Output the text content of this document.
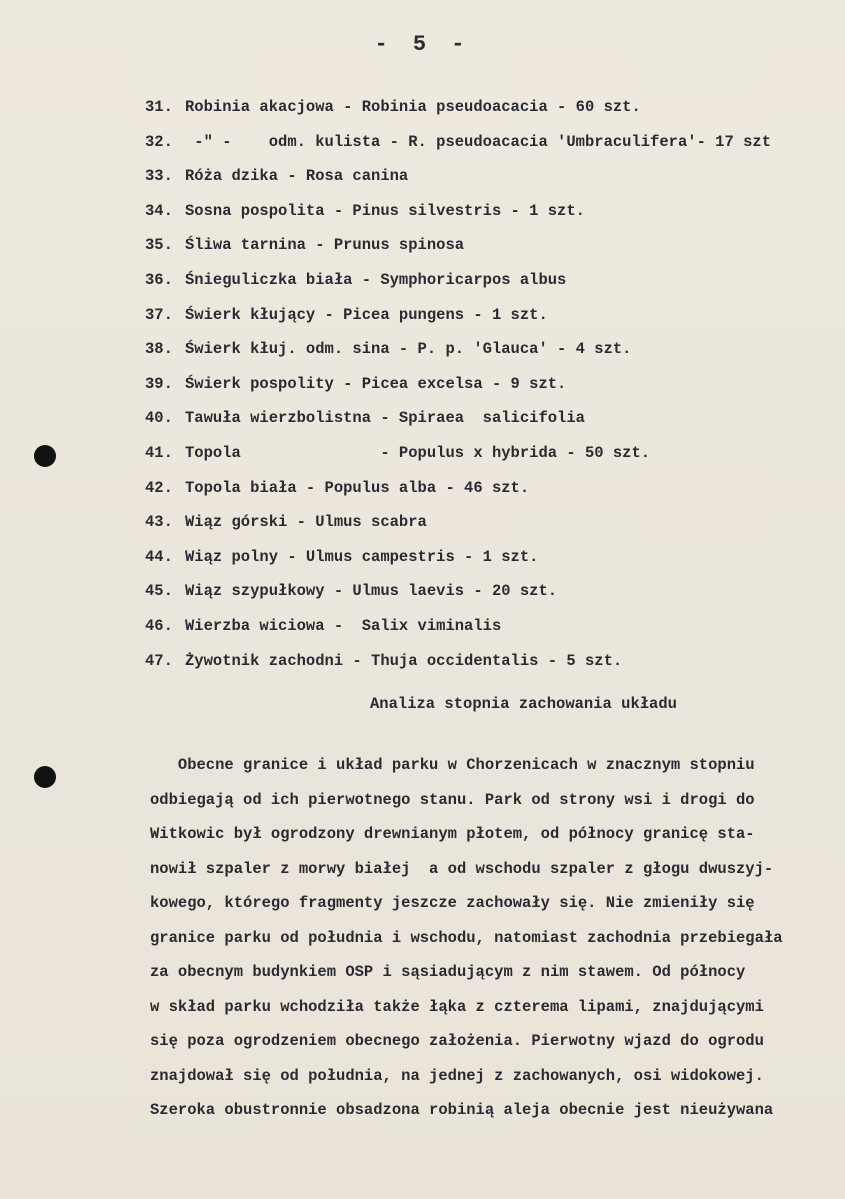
- 5 -
31. Robinia akacjowa - Robinia pseudoacacia - 60 szt.
32. -" -    odm. kulista - R. pseudoacacia 'Umbraculifera'- 17 szt
33. Róża dzika - Rosa canina
34. Sosna pospolita - Pinus silvestris - 1 szt.
35. Śliwa tarnina - Prunus spinosa
36. Śnieguliczka biała - Symphoricarpos albus
37. Świerk kłujący - Picea pungens - 1 szt.
38. Świerk kłuj. odm. sina - P. p. 'Glauca' - 4 szt.
39. Świerk pospolity - Picea excelsa - 9 szt.
40. Tawuła wierzbolistna - Spiraea  salicifolia
41. Topola               - Populus x hybrida - 50 szt.
42. Topola biała - Populus alba - 46 szt.
43. Wiąz górski - Ulmus scabra
44. Wiąz polny - Ulmus campestris - 1 szt.
45. Wiąz szypułkowy - Ulmus laevis - 20 szt.
46. Wierzba wiciowa -  Salix viminalis
47. Żywotnik zachodni - Thuja occidentalis - 5 szt.
Analiza stopnia zachowania układu
Obecne granice i układ parku w Chorzenicach w znacznym stopniu
odbiegają od ich pierwotnego stanu. Park od strony wsi i drogi do
Witkowic był ogrodzony drewnianym płotem, od północy granicę sta-
nowił szpaler z morwy białej  a od wschodu szpaler z głogu dwuszyj-
kowego, którego fragmenty jeszcze zachowały się. Nie zmieniły się
granice parku od południa i wschodu, natomiast zachodnia przebiegała
za obecnym budynkiem OSP i sąsiadującym z nim stawem. Od północy
w skład parku wchodziła także łąka z czterema lipami, znajdującymi
się poza ogrodzeniem obecnego założenia. Pierwotny wjazd do ogrodu
znajdował się od południa, na jednej z zachowanych, osi widokowej.
Szeroka obustronnie obsadzona robinią aleja obecnie jest nieużywana
